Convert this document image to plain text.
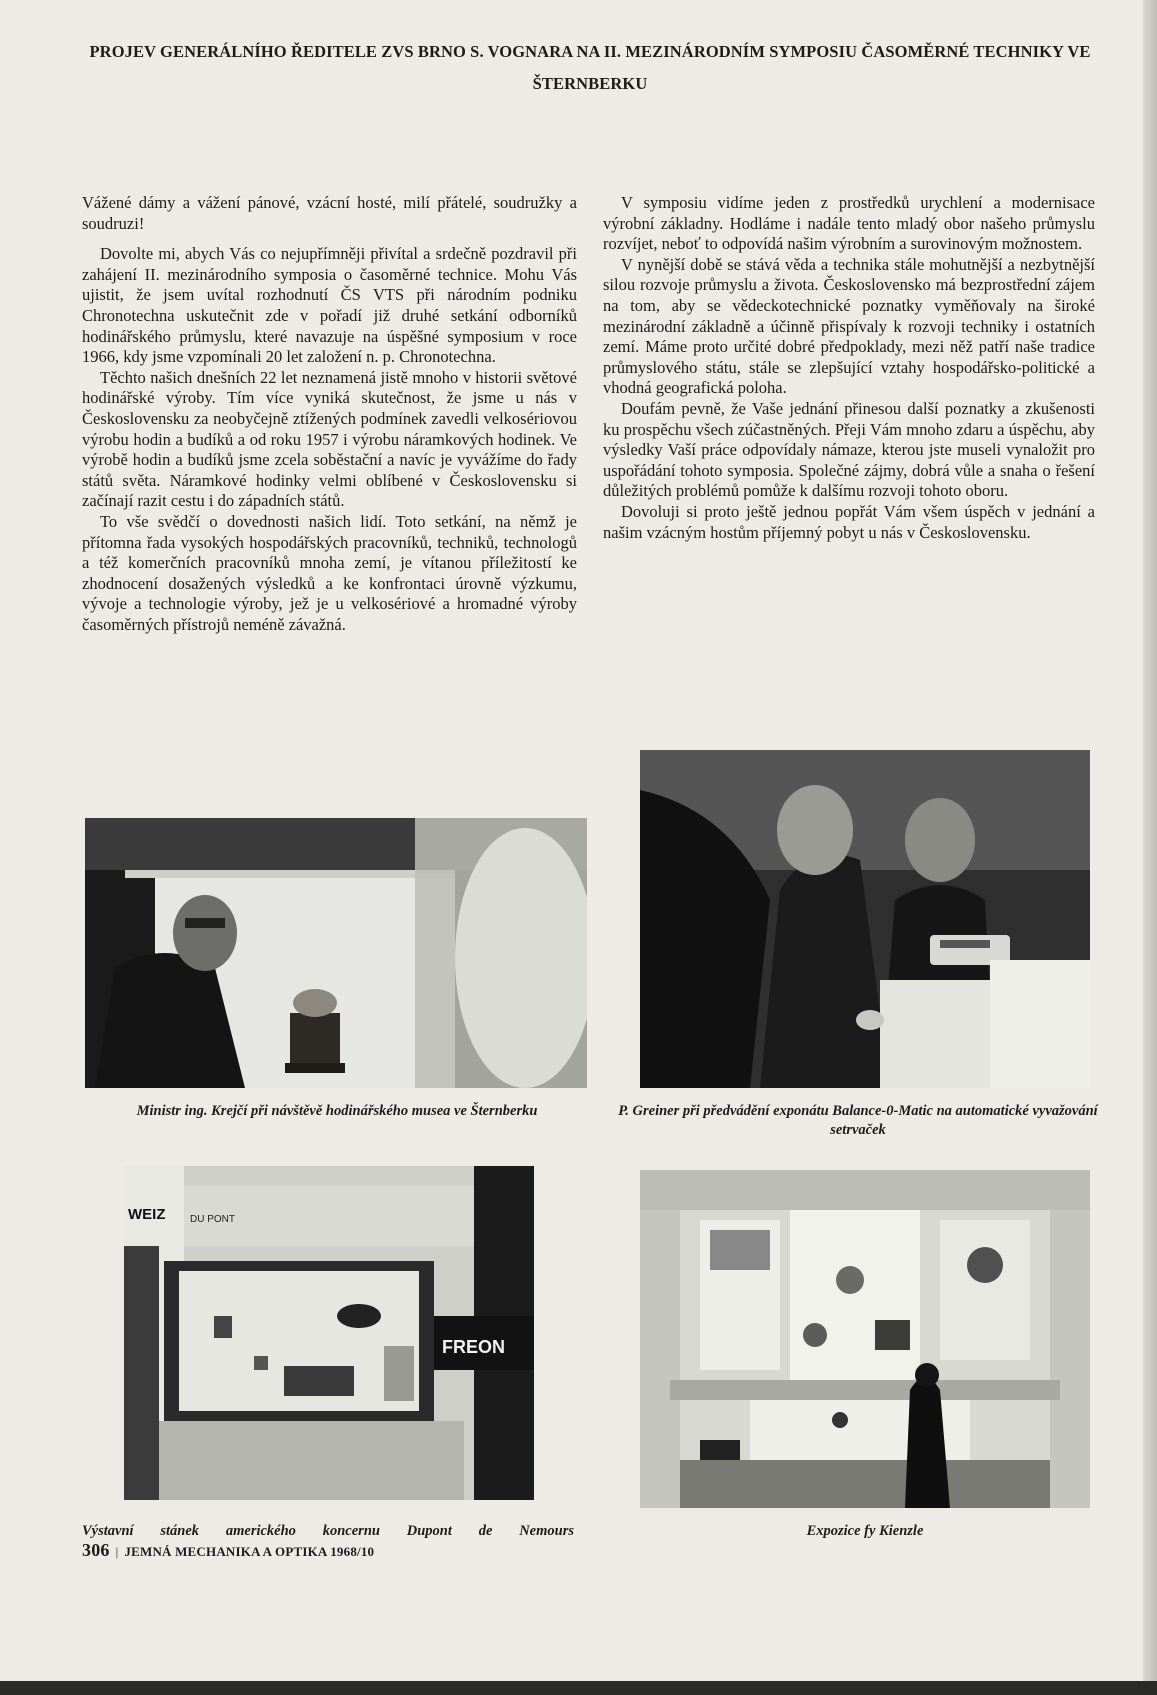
PROJEV GENERÁLNÍHO ŘEDITELE ZVS BRNO S. VOGNARA NA II. MEZINÁRODNÍM SYMPOSIU ČASOMĚRNÉ TECHNIKY VE ŠTERNBERKU

Vážené dámy a vážení pánové, vzácní hosté, milí přátelé, soudružky a soudruzi!

Dovolte mi, abych Vás co nejupřímněji přivítal a srdečně pozdravil při zahájení II. mezinárodního symposia o časoměrné technice. Mohu Vás ujistit, že jsem uvítal rozhodnutí ČS VTS při národním podniku Chronotechna uskutečnit zde v pořadí již druhé setkání odborníků hodinářského průmyslu, které navazuje na úspěšné symposium v roce 1966, kdy jsme vzpomínali 20 let založení n. p. Chronotechna.

Těchto našich dnešních 22 let neznamená jistě mnoho v historii světové hodinářské výroby. Tím více vyniká skutečnost, že jsme u nás v Československu za neobyčejně ztížených podmínek zavedli velkosériovou výrobu hodin a budíků a od roku 1957 i výrobu náramkových hodinek. Ve výrobě hodin a budíků jsme zcela soběstační a navíc je vyvážíme do řady států světa. Náramkové hodinky velmi oblíbené v Československu si začínají razit cestu i do západních států.

To vše svědčí o dovednosti našich lidí. Toto setkání, na němž je přítomna řada vysokých hospodářských pracovníků, techniků, technologů a též komerčních pracovníků mnoha zemí, je vítanou příležitostí ke zhodnocení dosažených výsledků a ke konfrontaci úrovně výzkumu, vývoje a technologie výroby, jež je u velkosériové a hromadné výroby časoměrných přístrojů neméně závažná.

V symposiu vidíme jeden z prostředků urychlení a modernisace výrobní základny. Hodláme i nadále tento mladý obor našeho průmyslu rozvíjet, neboť to odpovídá našim výrobním a surovinovým možnostem.

V nynější době se stává věda a technika stále mohutnější a nezbytnější silou rozvoje průmyslu a života. Československo má bezprostřední zájem na tom, aby se vědeckotechnické poznatky vyměňovaly na široké mezinárodní základně a účinně přispívaly k rozvoji techniky i ostatních zemí. Máme proto určité dobré předpoklady, mezi něž patří naše tradice průmyslového státu, stále se zlepšující vztahy hospodářsko-politické a vhodná geografická poloha.

Doufám pevně, že Vaše jednání přinesou další poznatky a zkušenosti ku prospěchu všech zúčastněných. Přeji Vám mnoho zdaru a úspěchu, aby výsledky Vaší práce odpovídaly námaze, kterou jste museli vynaložit pro uspořádání tohoto symposia. Společné zájmy, dobrá vůle a snaha o řešení důležitých problémů pomůže k dalšímu rozvoji tohoto oboru.

Dovoluji si proto ještě jednou popřát Vám všem úspěch v jednání a našim vzácným hostům příjemný pobyt u nás v Československu.

Ministr ing. Krejčí při návštěvě hodinářského musea ve Šternberku	P. Greiner při předvádění exponátu Balance-0-Matic na automatické vyvažování setrvaček
FREON
WEIZ DU PONT
Výstavní stánek amerického koncernu Dupont de Nemours	Expozice fy Kienzle
306 | JEMNÁ MECHANIKA A OPTIKA 1968/10
